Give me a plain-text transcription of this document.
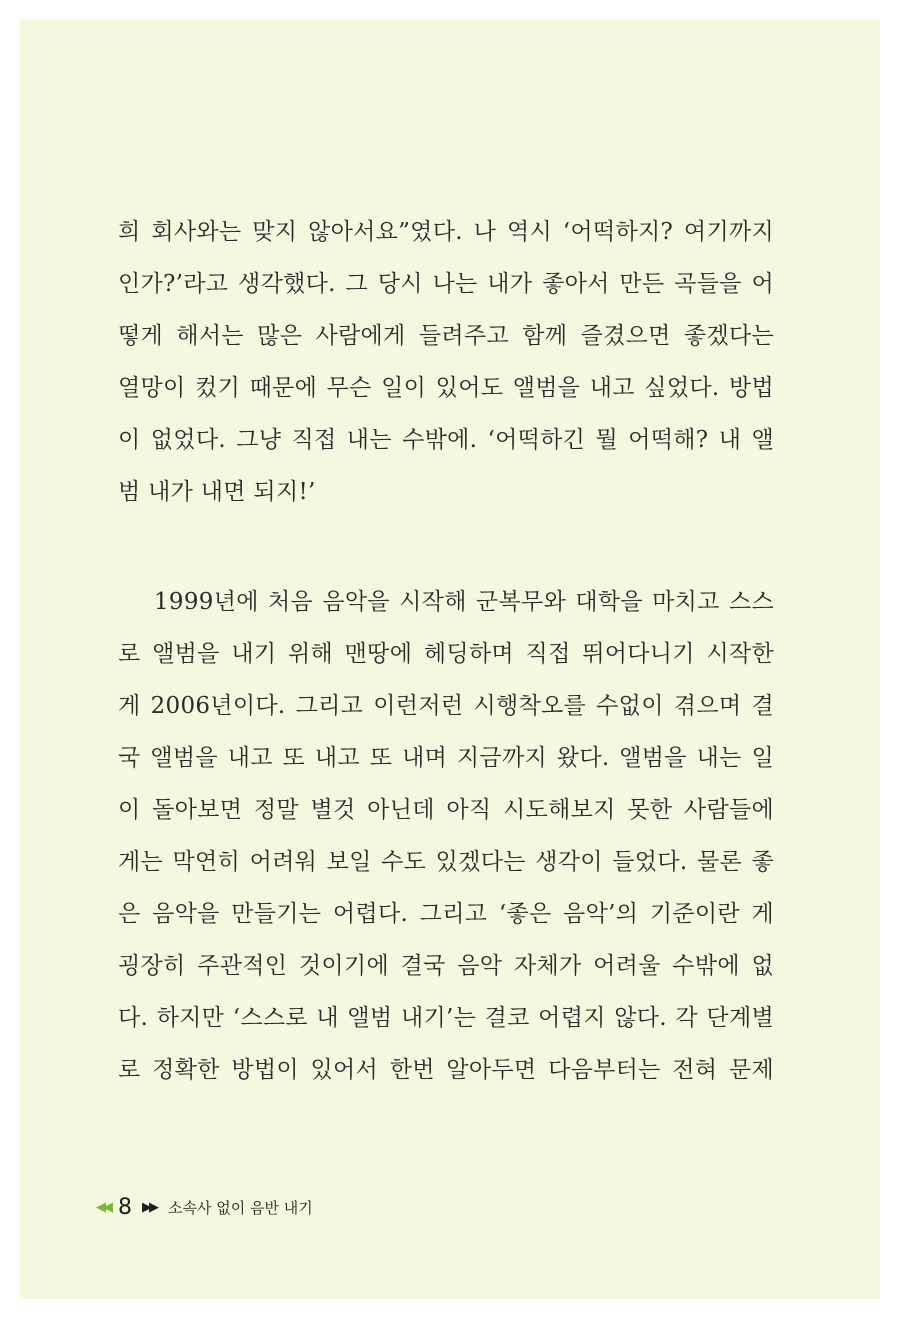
희 회사와는 맞지 않아서요”였다. 나 역시 ‘어떡하지? 여기까지
인가?’라고 생각했다. 그 당시 나는 내가 좋아서 만든 곡들을 어
떻게 해서는 많은 사람에게 들려주고 함께 즐겼으면 좋겠다는
열망이 컸기 때문에 무슨 일이 있어도 앨범을 내고 싶었다. 방법
이 없었다. 그냥 직접 내는 수밖에. ‘어떡하긴 뭘 어떡해? 내 앨
범 내가 내면 되지!’
1999년에 처음 음악을 시작해 군복무와 대학을 마치고 스스
로 앨범을 내기 위해 맨땅에 헤딩하며 직접 뛰어다니기 시작한
게 2006년이다. 그리고 이런저런 시행착오를 수없이 겪으며 결
국 앨범을 내고 또 내고 또 내며 지금까지 왔다. 앨범을 내는 일
이 돌아보면 정말 별것 아닌데 아직 시도해보지 못한 사람들에
게는 막연히 어려워 보일 수도 있겠다는 생각이 들었다. 물론 좋
은 음악을 만들기는 어렵다. 그리고 ‘좋은 음악’의 기준이란 게
굉장히 주관적인 것이기에 결국 음악 자체가 어려울 수밖에 없
다. 하지만 ‘스스로 내 앨범 내기’는 결코 어렵지 않다. 각 단계별
로 정확한 방법이 있어서 한번 알아두면 다음부터는 전혀 문제
◀◀ 8 ▶▶ 소속사 없이 음반 내기
